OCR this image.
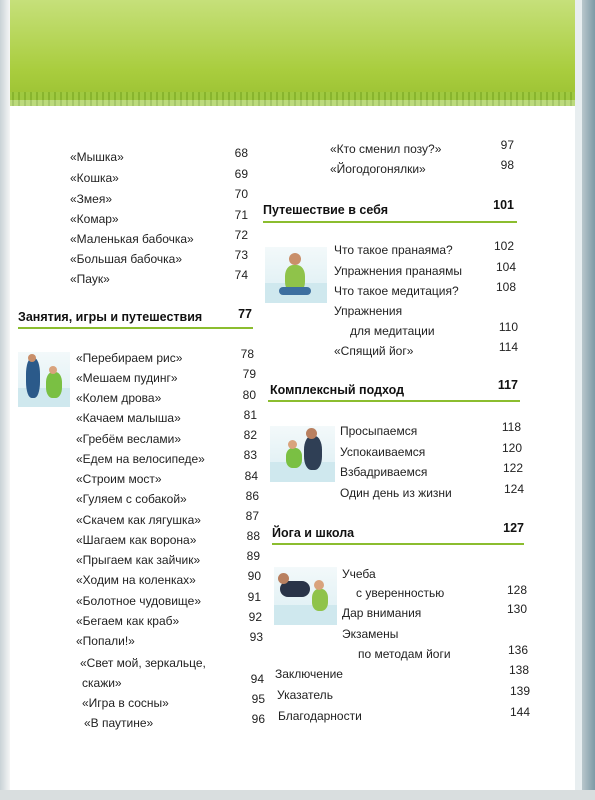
«Мышка»	68
«Кошка»	69
«Змея»	70
«Комар»	71
«Маленькая бабочка»	72
«Большая бабочка»	73
«Паук»	74
Занятия, игры и путешествия	77
«Перебираем рис»	78
«Мешаем пудинг»	79
«Колем дрова»	80
«Качаем малыша»	81
«Гребём веслами»	82
«Едем на велосипеде»	83
«Строим мост»	84
«Гуляем с собакой»	86
«Скачем как лягушка»	87
«Шагаем как ворона»	88
«Прыгаем как зайчик»	89
«Ходим на коленках»	90
«Болотное чудовище»	91
«Бегаем как краб»	92
«Попали!»	93
«Свет мой, зеркальце,
скажи»	94
«Игра в сосны»	95
«В паутине»	96
«Кто сменил позу?»	97
«Йогодогонялки»	98
Путешествие в себя	101
Что такое пранаяма?	102
Упражнения пранаямы	104
Что такое медитация?	108
Упражнения
для медитации	110
«Спящий йог»	114
Комплексный подход	117
Просыпаемся	118
Успокаиваемся	120
Взбадриваемся	122
Один день из жизни	124
Йога и школа	127
Учеба
с уверенностью	128
Дар внимания	130
Экзамены
по методам йоги	136
Заключение	138
Указатель	139
Благодарности	144
